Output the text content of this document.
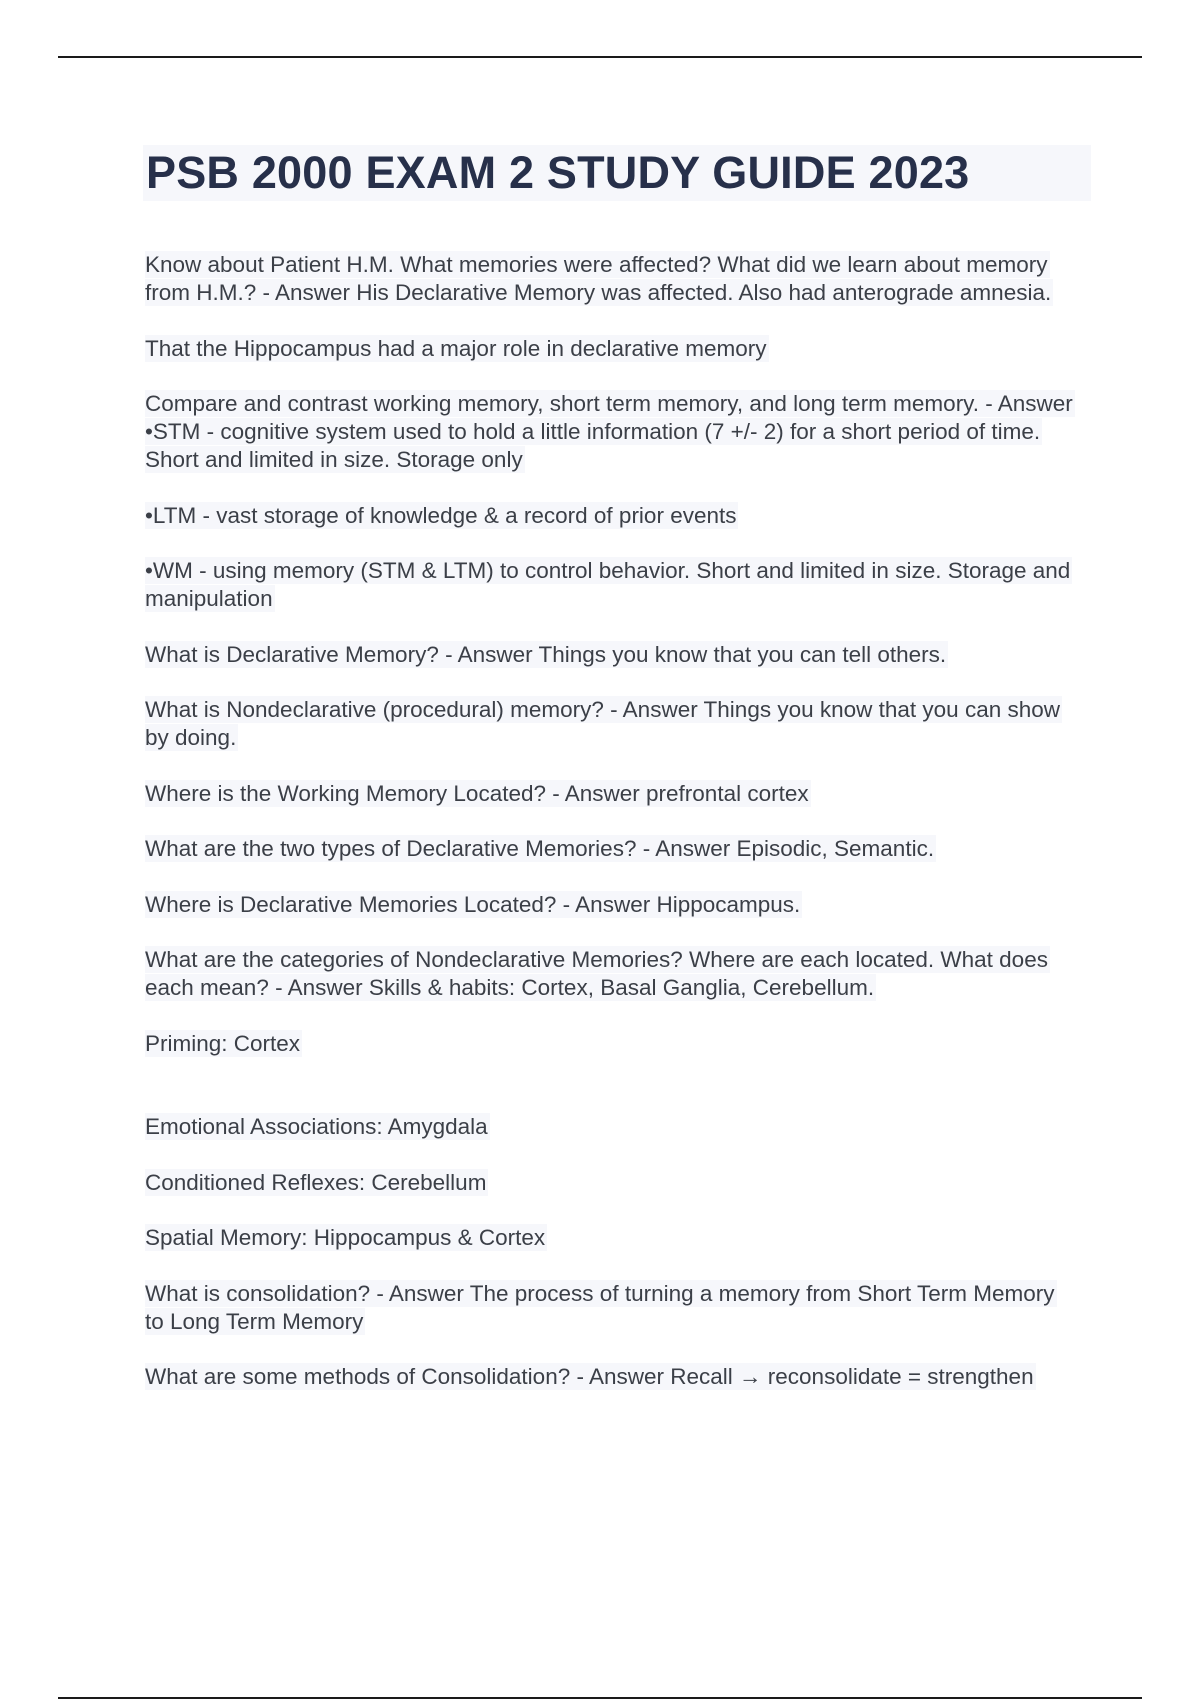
PSB 2000 EXAM 2 STUDY GUIDE 2023

Know about Patient H.M. What memories were affected? What did we learn about memory from H.M.? - Answer His Declarative Memory was affected. Also had anterograde amnesia.

That the Hippocampus had a major role in declarative memory

Compare and contrast working memory, short term memory, and long term memory. - Answer •STM - cognitive system used to hold a little information (7 +/- 2) for a short period of time. Short and limited in size. Storage only

•LTM - vast storage of knowledge & a record of prior events

•WM - using memory (STM & LTM) to control behavior. Short and limited in size. Storage and manipulation

What is Declarative Memory? - Answer Things you know that you can tell others.

What is Nondeclarative (procedural) memory? - Answer Things you know that you can show by doing.

Where is the Working Memory Located? - Answer prefrontal cortex

What are the two types of Declarative Memories? - Answer Episodic, Semantic.

Where is Declarative Memories Located? - Answer Hippocampus.

What are the categories of Nondeclarative Memories? Where are each located. What does each mean? - Answer Skills & habits: Cortex, Basal Ganglia, Cerebellum.

Priming: Cortex

Emotional Associations: Amygdala

Conditioned Reflexes: Cerebellum

Spatial Memory: Hippocampus & Cortex

What is consolidation? - Answer The process of turning a memory from Short Term Memory to Long Term Memory

What are some methods of Consolidation? - Answer Recall → reconsolidate = strengthen
